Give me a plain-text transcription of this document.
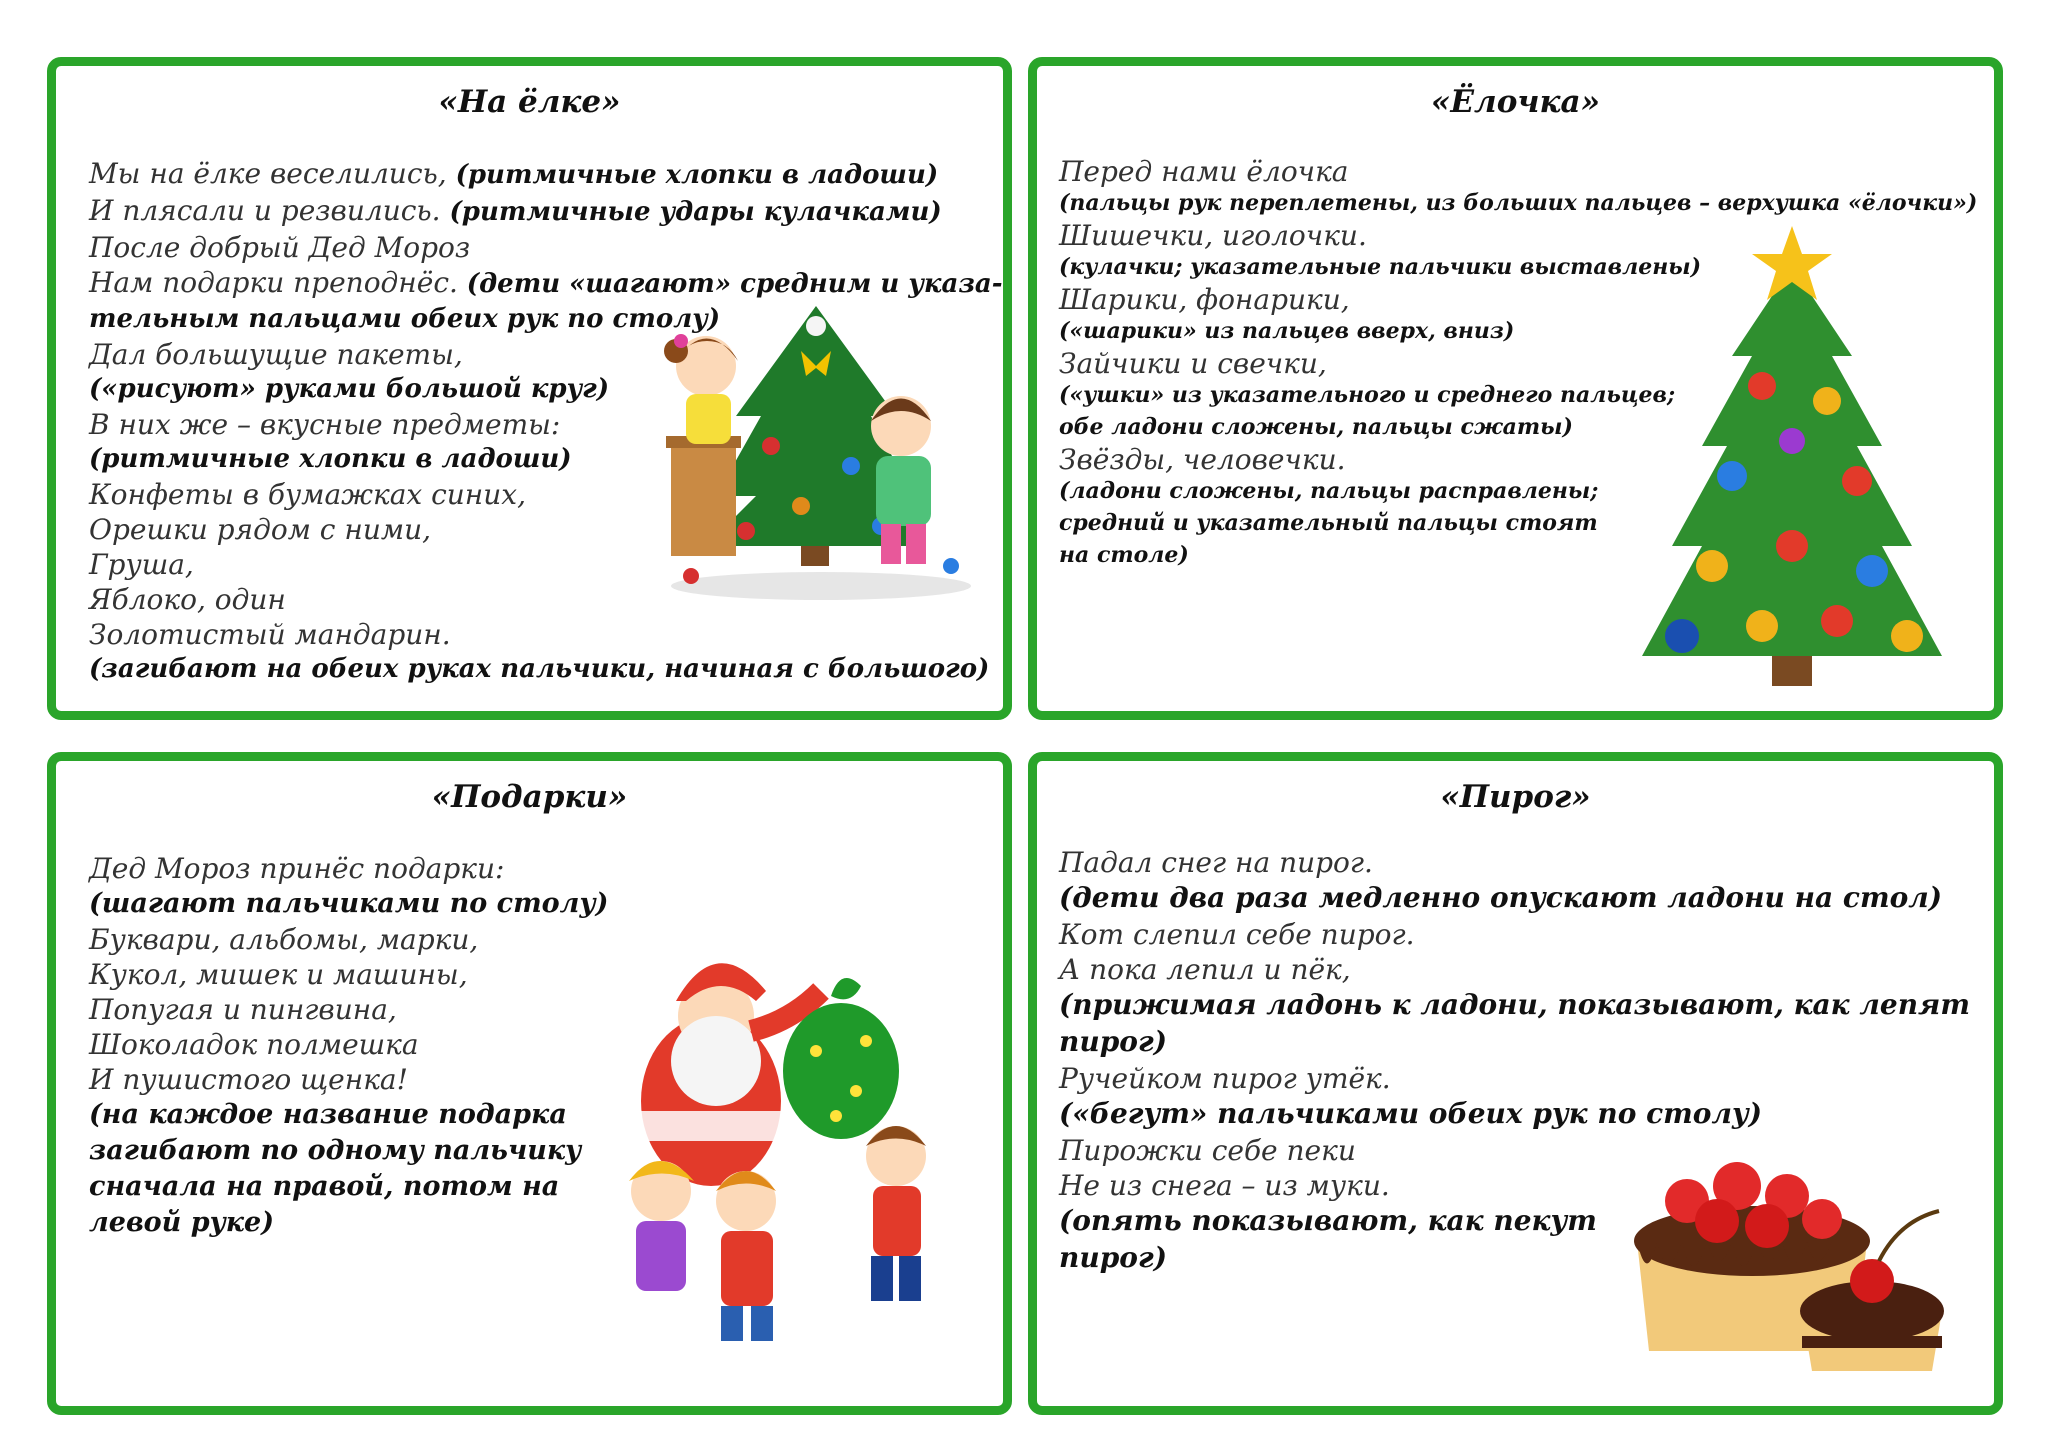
«На ёлке»
Мы на ёлке веселились, (ритмичные хлопки в ладоши)
И плясали и резвились. (ритмичные удары кулачками)
После добрый Дед Мороз
Нам подарки преподнёс. (дети «шагают» средним и указа-
тельным пальцами обеих рук по столу)
Дал большущие пакеты,
(«рисуют» руками большой круг)
В них же – вкусные предметы:
(ритмичные хлопки в ладоши)
Конфеты в бумажках синих,
Орешки рядом с ними,
Груша,
Яблоко, один
Золотистый мандарин.
(загибают на обеих руках пальчики, начиная с большого)
«Ёлочка»
Перед нами ёлочка
(пальцы рук переплетены, из больших пальцев – верхушка «ёлочки»)
Шишечки, иголочки.
(кулачки; указательные пальчики выставлены)
Шарики, фонарики,
(«шарики» из пальцев вверх, вниз)
Зайчики и свечки,
(«ушки» из указательного и среднего пальцев;
обе ладони сложены, пальцы сжаты)
Звёзды, человечки.
(ладони сложены, пальцы расправлены;
средний и указательный пальцы стоят
на столе)
«Подарки»
Дед Мороз принёс подарки:
(шагают пальчиками по столу)
Буквари, альбомы, марки,
Кукол, мишек и машины,
Попугая и пингвина,
Шоколадок полмешка
И пушистого щенка!
(на каждое название подарка
загибают по одному пальчику
сначала на правой, потом на
левой руке)
«Пирог»
Падал снег на пирог.
(дети два раза медленно опускают ладони на стол)
Кот слепил себе пирог.
А пока лепил и пёк,
(прижимая ладонь к ладони, показывают, как лепят
пирог)
Ручейком пирог утёк.
(«бегут» пальчиками обеих рук по столу)
Пирожки себе пеки
Не из снега – из муки.
(опять показывают, как пекут
пирог)
